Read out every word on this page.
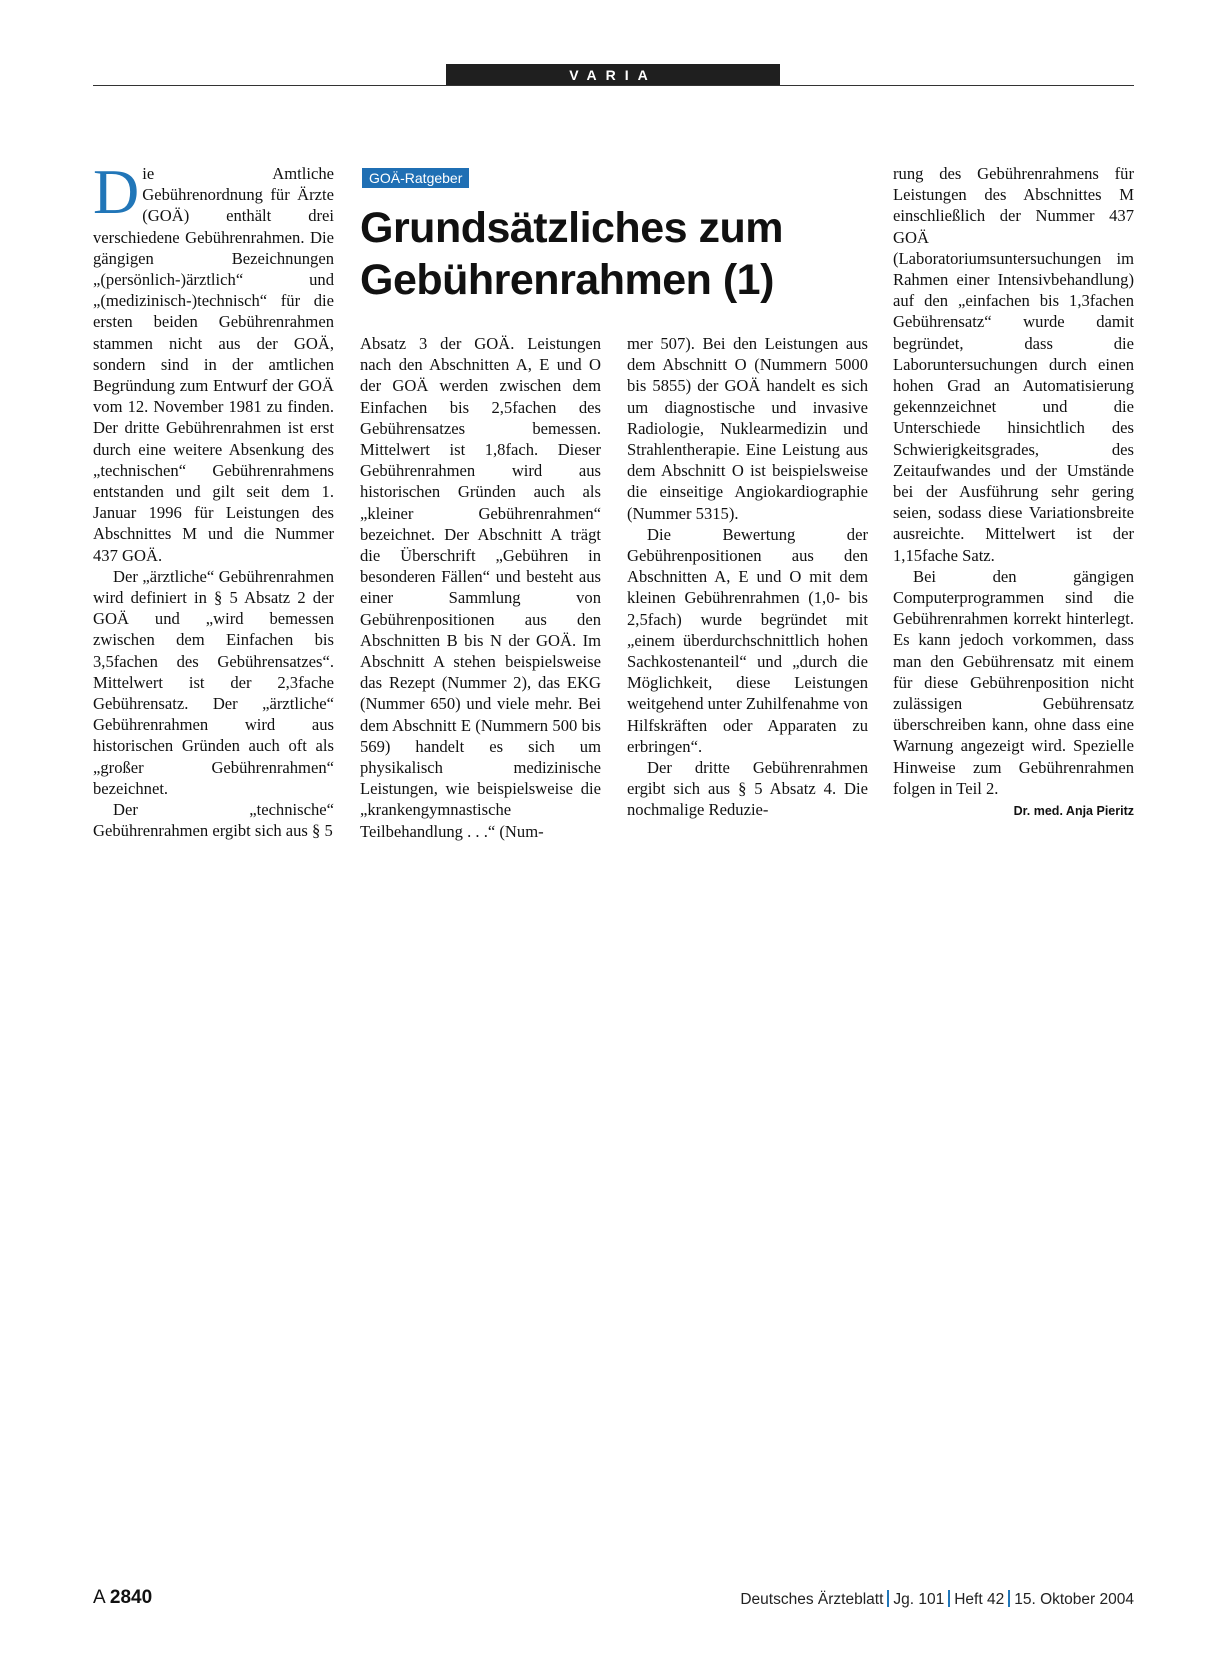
VARIA

Die Amtliche Gebührenordnung für Ärzte (GOÄ) enthält drei verschiedene Gebührenrahmen. Die gängigen Bezeichnungen „(persönlich-)ärztlich“ und „(medizinisch-)technisch“ für die ersten beiden Gebührenrahmen stammen nicht aus der GOÄ, sondern sind in der amtlichen Begründung zum Entwurf der GOÄ vom 12. November 1981 zu finden. Der dritte Gebührenrahmen ist erst durch eine weitere Absenkung des „technischen“ Gebührenrahmens entstanden und gilt seit dem 1. Januar 1996 für Leistungen des Abschnittes M und die Nummer 437 GOÄ.

Der „ärztliche“ Gebührenrahmen wird definiert in § 5 Absatz 2 der GOÄ und „wird bemessen zwischen dem Einfachen bis 3,5fachen des Gebührensatzes“. Mittelwert ist der 2,3fache Gebührensatz. Der „ärztliche“ Gebührenrahmen wird aus historischen Gründen auch oft als „großer Gebührenrahmen“ bezeichnet.

Der „technische“ Gebührenrahmen ergibt sich aus § 5

GOÄ-Ratgeber
Grundsätzliches zum
Gebührenrahmen (1)

Absatz 3 der GOÄ. Leistungen nach den Abschnitten A, E und O der GOÄ werden zwischen dem Einfachen bis 2,5fachen des Gebührensatzes bemessen. Mittelwert ist 1,8fach. Dieser Gebührenrahmen wird aus historischen Gründen auch als „kleiner Gebührenrahmen“ bezeichnet. Der Abschnitt A trägt die Überschrift „Gebühren in besonderen Fällen“ und besteht aus einer Sammlung von Gebührenpositionen aus den Abschnitten B bis N der GOÄ. Im Abschnitt A stehen beispielsweise das Rezept (Nummer 2), das EKG (Nummer 650) und viele mehr. Bei dem Abschnitt E (Nummern 500 bis 569) handelt es sich um physikalisch medizinische Leistungen, wie beispielsweise die „krankengymnastische Teilbehandlung . . .“ (Num-

mer 507). Bei den Leistungen aus dem Abschnitt O (Nummern 5000 bis 5855) der GOÄ handelt es sich um diagnostische und invasive Radiologie, Nuklearmedizin und Strahlentherapie. Eine Leistung aus dem Abschnitt O ist beispielsweise die einseitige Angiokardiographie (Nummer 5315).

Die Bewertung der Gebührenpositionen aus den Abschnitten A, E und O mit dem kleinen Gebührenrahmen (1,0- bis 2,5fach) wurde begründet mit „einem überdurchschnittlich hohen Sachkostenanteil“ und „durch die Möglichkeit, diese Leistungen weitgehend unter Zuhilfenahme von Hilfskräften oder Apparaten zu erbringen“.

Der dritte Gebührenrahmen ergibt sich aus § 5 Absatz 4. Die nochmalige Reduzie-

rung des Gebührenrahmens für Leistungen des Abschnittes M einschließlich der Nummer 437 GOÄ (Laboratoriumsuntersuchungen im Rahmen einer Intensivbehandlung) auf den „einfachen bis 1,3fachen Gebührensatz“ wurde damit begründet, dass die Laboruntersuchungen durch einen hohen Grad an Automatisierung gekennzeichnet und die Unterschiede hinsichtlich des Schwierigkeitsgrades, des Zeitaufwandes und der Umstände bei der Ausführung sehr gering seien, sodass diese Variationsbreite ausreichte. Mittelwert ist der 1,15fache Satz.

Bei den gängigen Computerprogrammen sind die Gebührenrahmen korrekt hinterlegt. Es kann jedoch vorkommen, dass man den Gebührensatz mit einem für diese Gebührenposition nicht zulässigen Gebührensatz überschreiben kann, ohne dass eine Warnung angezeigt wird. Spezielle Hinweise zum Gebührenrahmen folgen in Teil 2.
Dr. med. Anja Pieritz

A 2840	Deutsches Ärzteblatt Jg. 101 Heft 42 15. Oktober 2004
